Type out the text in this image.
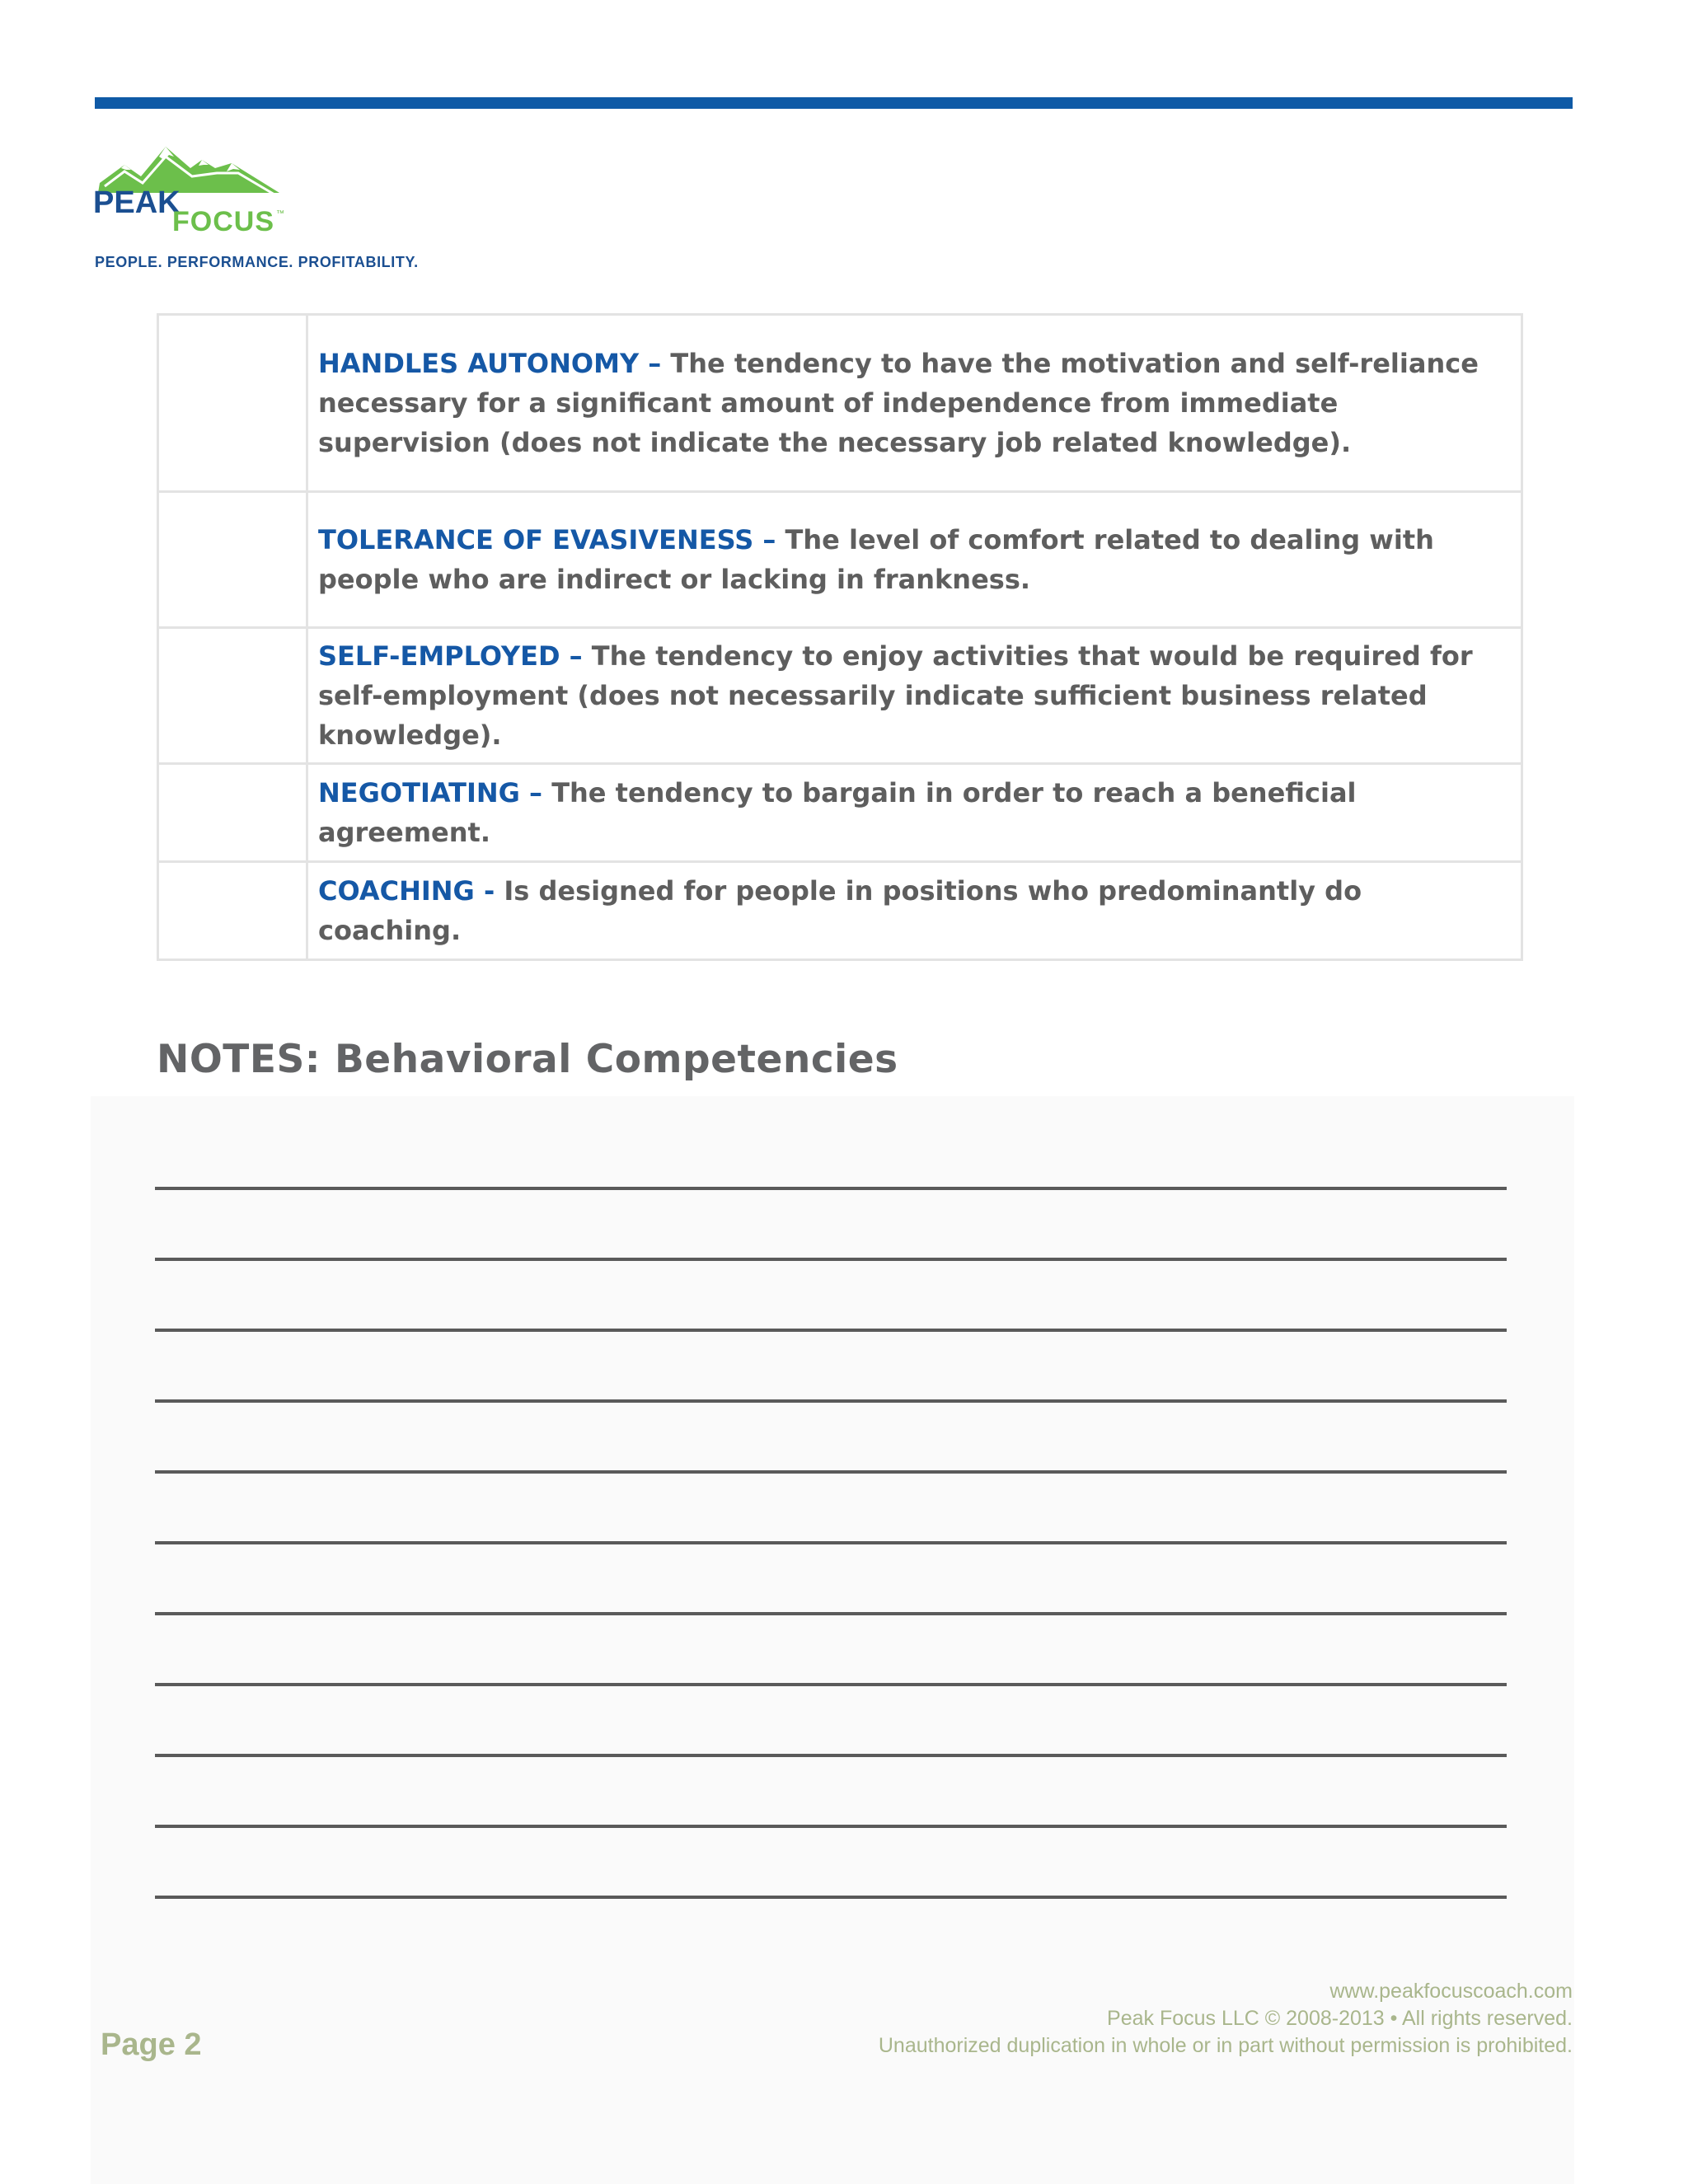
PEAK
FOCUS ™
PEOPLE. PERFORMANCE. PROFITABILITY.
	HANDLES AUTONOMY – The tendency to have the motivation and self-reliance necessary for a significant amount of independence from immediate supervision (does not indicate the necessary job related knowledge).
	TOLERANCE OF EVASIVENESS – The level of comfort related to dealing with people who are indirect or lacking in frankness.
	SELF-EMPLOYED – The tendency to enjoy activities that would be required for self-employment (does not necessarily indicate sufficient business related knowledge).
	NEGOTIATING – The tendency to bargain in order to reach a beneficial agreement.
	COACHING - Is designed for people in positions who predominantly do coaching.
NOTES: Behavioral Competencies
Page 2
www.peakfocuscoach.com
Peak Focus LLC © 2008-2013 • All rights reserved.
Unauthorized duplication in whole or in part without permission is prohibited.
